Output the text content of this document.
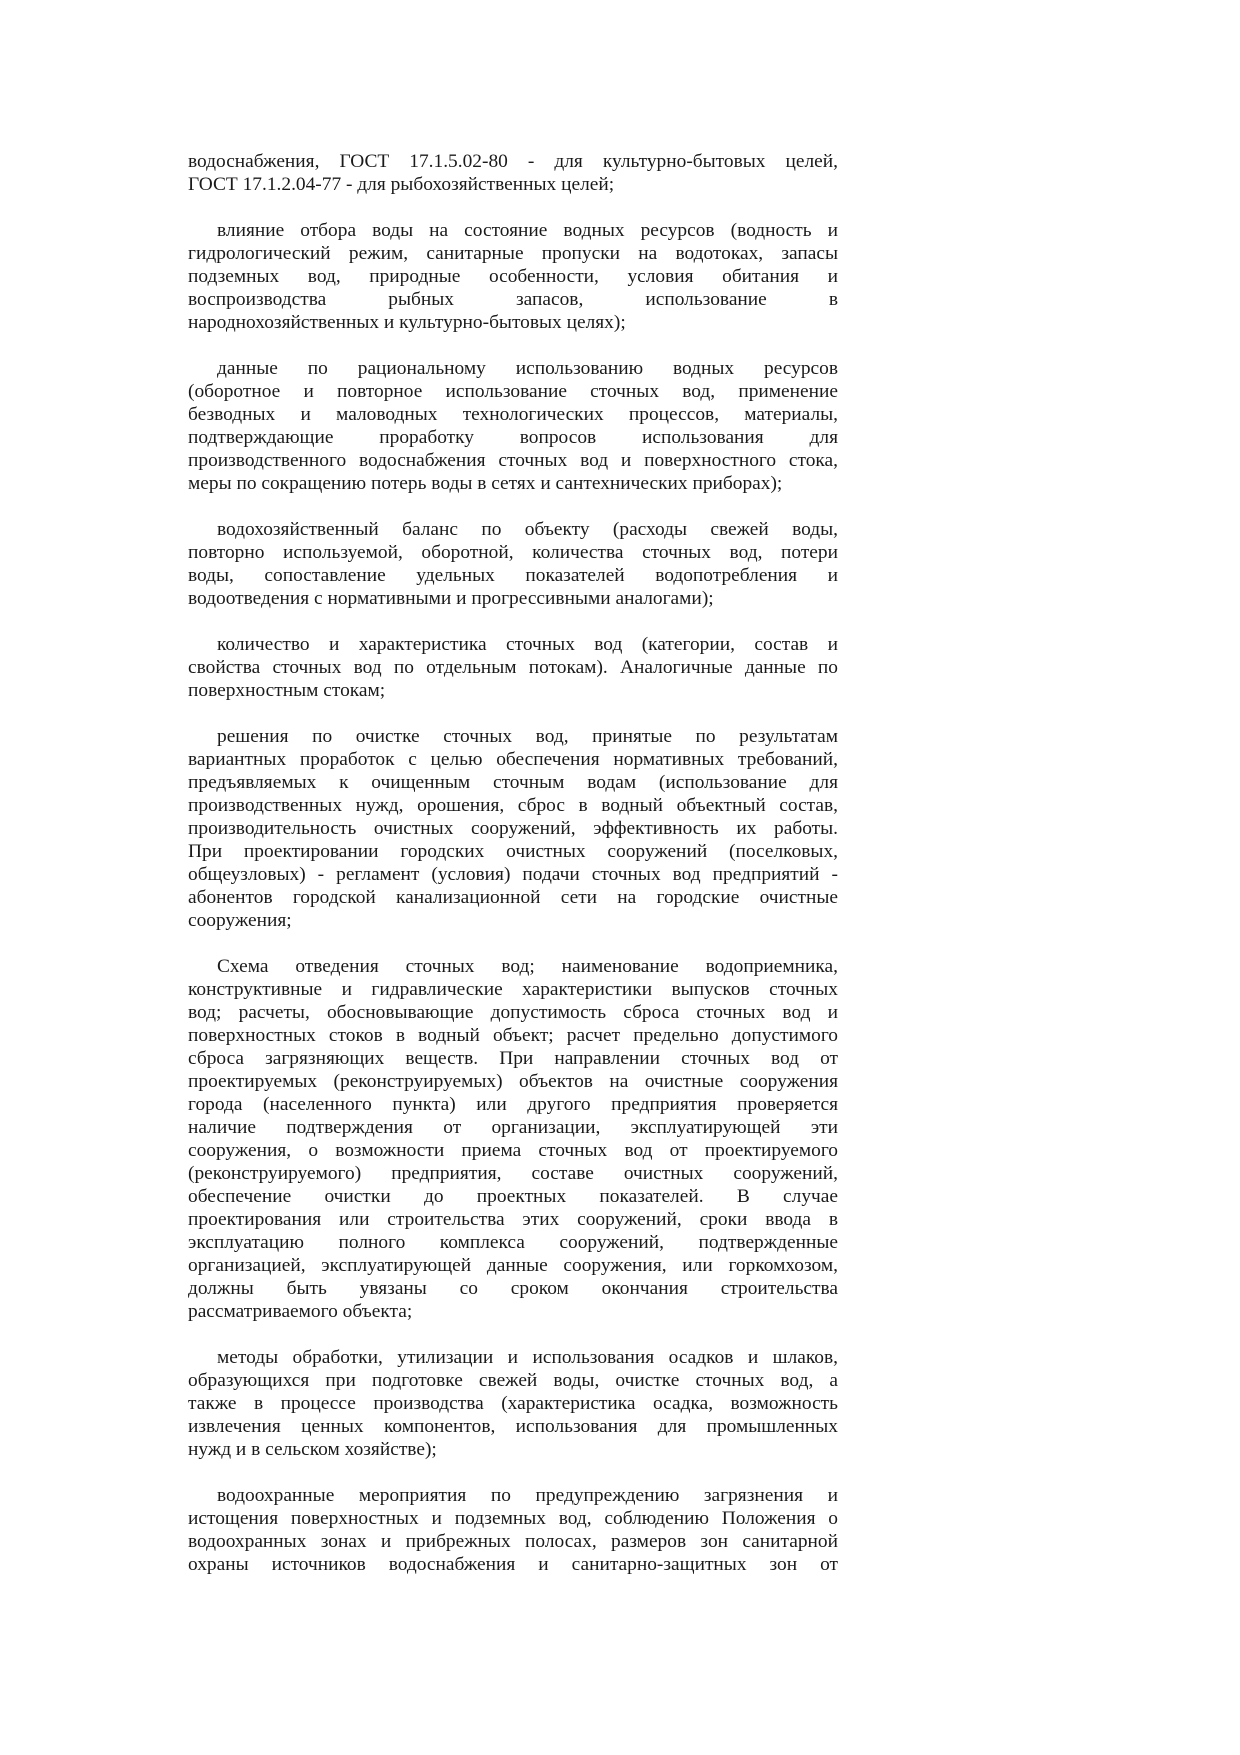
водоснабжения, ГОСТ 17.1.5.02-80 - для культурно-бытовых целей,
ГОСТ 17.1.2.04-77 - для рыбохозяйственных целей;
влияние отбора воды на состояние водных ресурсов (водность и
гидрологический режим, санитарные пропуски на водотоках, запасы
подземных вод, природные особенности, условия обитания и
воспроизводства рыбных запасов, использование в
народнохозяйственных и культурно-бытовых целях);
данные по рациональному использованию водных ресурсов
(оборотное и повторное использование сточных вод, применение
безводных и маловодных технологических процессов, материалы,
подтверждающие проработку вопросов использования для
производственного водоснабжения сточных вод и поверхностного стока,
меры по сокращению потерь воды в сетях и сантехнических приборах);
водохозяйственный баланс по объекту (расходы свежей воды,
повторно используемой, оборотной, количества сточных вод, потери
воды, сопоставление удельных показателей водопотребления и
водоотведения с нормативными и прогрессивными аналогами);
количество и характеристика сточных вод (категории, состав и
свойства сточных вод по отдельным потокам). Аналогичные данные по
поверхностным стокам;
решения по очистке сточных вод, принятые по результатам
вариантных проработок с целью обеспечения нормативных требований,
предъявляемых к очищенным сточным водам (использование для
производственных нужд, орошения, сброс в водный объектный состав,
производительность очистных сооружений, эффективность их работы.
При проектировании городских очистных сооружений (поселковых,
общеузловых) - регламент (условия) подачи сточных вод предприятий -
абонентов городской канализационной сети на городские очистные
сооружения;
Схема отведения сточных вод; наименование водоприемника,
конструктивные и гидравлические характеристики выпусков сточных
вод; расчеты, обосновывающие допустимость сброса сточных вод и
поверхностных стоков в водный объект; расчет предельно допустимого
сброса загрязняющих веществ. При направлении сточных вод от
проектируемых (реконструируемых) объектов на очистные сооружения
города (населенного пункта) или другого предприятия проверяется
наличие подтверждения от организации, эксплуатирующей эти
сооружения, о возможности приема сточных вод от проектируемого
(реконструируемого) предприятия, составе очистных сооружений,
обеспечение очистки до проектных показателей. В случае
проектирования или строительства этих сооружений, сроки ввода в
эксплуатацию полного комплекса сооружений, подтвержденные
организацией, эксплуатирующей данные сооружения, или горкомхозом,
должны быть увязаны со сроком окончания строительства
рассматриваемого объекта;
методы обработки, утилизации и использования осадков и шлаков,
образующихся при подготовке свежей воды, очистке сточных вод, а
также в процессе производства (характеристика осадка, возможность
извлечения ценных компонентов, использования для промышленных
нужд и в сельском хозяйстве);
водоохранные мероприятия по предупреждению загрязнения и
истощения поверхностных и подземных вод, соблюдению Положения о
водоохранных зонах и прибрежных полосах, размеров зон санитарной
охраны источников водоснабжения и санитарно-защитных зон от
